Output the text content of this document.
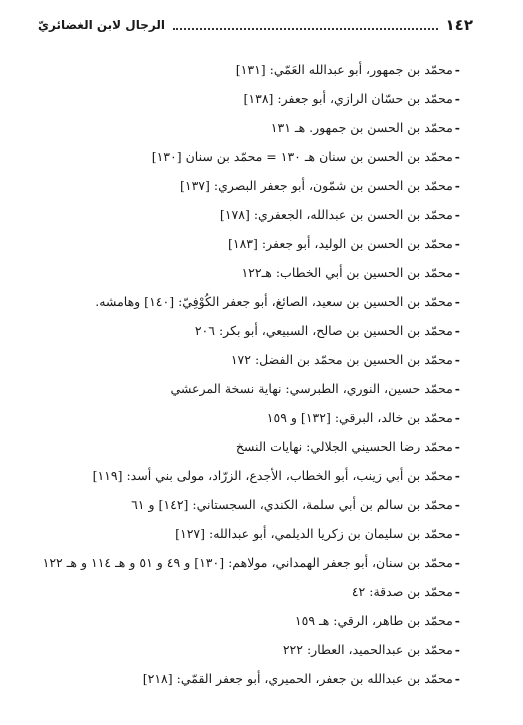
١٤٢
الرجال لابن الغضائريّ
-محمّد بن جمهور، أبو عبدالله العَمّي: [١٣١]
-محمّد بن حسّان الرازي، أبو جعفر: [١٣٨]
-محمّد بن الحسن بن جمهور. هـ ١٣١
-محمّد بن الحسن بن سنان هـ ١٣٠ = محمّد بن سنان [١٣٠]
-محمّد بن الحسن بن شمّون، أبو جعفر البصري: [١٣٧]
-محمّد بن الحسن بن عبدالله، الجعفري: [١٧٨]
-محمّد بن الحسن بن الوليد، أبو جعفر: [١٨٣]
-محمّد بن الحسين بن أبي الخطاب: هـ١٢٢
-محمّد بن الحسين بن سعيد، الصائغ، أبو جعفر الكُوْفِيّ: [١٤٠] وهامشه.
-محمّد بن الحسين بن صالح، السبيعي، أبو بكر: ٢٠٦
-محمّد بن الحسين بن محمّد بن الفضل: ١٧٢
-محمّد حسين، النوري، الطبرسي: نهاية نسخة المرعشي
-محمّد بن خالد، البرقي: [١٣٢] و ١٥٩
-محمّد رضا الحسيني الجلالي: نهايات النسخ
-محمّد بن أبي زينب، أبو الخطاب، الأجدع، الزرّاد، مولى بني أسد: [١١٩]
-محمّد بن سالم بن أبي سلمة، الكندي، السجستاني: [١٤٢] و ٦١
-محمّد بن سليمان بن زكريا الديلمي، أبو عبدالله: [١٢٧]
-محمّد بن سنان، أبو جعفر الهمداني، مولاهم: [١٣٠] و ٤٩ و ٥١ و هـ ١١٤ و هـ ١٢٢
-محمّد بن صدقة: ٤٢
-محمّد بن طاهر، الرقي: هـ ١٥٩
-محمّد بن عبدالحميد، العطار: ٢٢٢
-محمّد بن عبدالله بن جعفر، الحميري، أبو جعفر القمّي: [٢١٨]
